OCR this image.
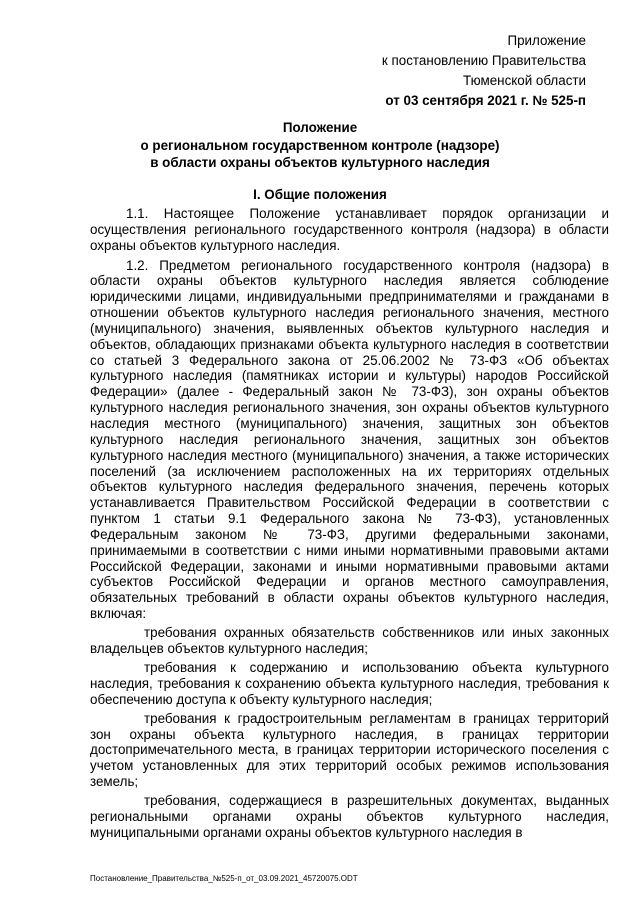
Приложение
к постановлению Правительства
Тюменской области
от 03 сентября 2021 г. № 525-п
Положение
о региональном государственном контроле (надзоре)
в области охраны объектов культурного наследия
I. Общие положения

1.1. Настоящее Положение устанавливает порядок организации и осуществления регионального государственного контроля (надзора) в области охраны объектов культурного наследия.

1.2. Предметом регионального государственного контроля (надзора) в области охраны объектов культурного наследия является соблюдение юридическими лицами, индивидуальными предпринимателями и гражданами в отношении объектов культурного наследия регионального значения, местного (муниципального) значения, выявленных объектов культурного наследия и объектов, обладающих признаками объекта культурного наследия в соответствии со статьей 3 Федерального закона от 25.06.2002 № 73-ФЗ «Об объектах культурного наследия (памятниках истории и культуры) народов Российской Федерации» (далее - Федеральный закон № 73-ФЗ), зон охраны объектов культурного наследия регионального значения, зон охраны объектов культурного наследия местного (муниципального) значения, защитных зон объектов культурного наследия регионального значения, защитных зон объектов культурного наследия местного (муниципального) значения, а также исторических поселений (за исключением расположенных на их территориях отдельных объектов культурного наследия федерального значения, перечень которых устанавливается Правительством Российской Федерации в соответствии с пунктом 1 статьи 9.1 Федерального закона № 73-ФЗ), установленных Федеральным законом № 73-ФЗ, другими федеральными законами, принимаемыми в соответствии с ними иными нормативными правовыми актами Российской Федерации, законами и иными нормативными правовыми актами субъектов Российской Федерации и органов местного самоуправления, обязательных требований в области охраны объектов культурного наследия, включая:

требования охранных обязательств собственников или иных законных владельцев объектов культурного наследия;

требования к содержанию и использованию объекта культурного наследия, требования к сохранению объекта культурного наследия, требования к обеспечению доступа к объекту культурного наследия;

требования к градостроительным регламентам в границах территорий зон охраны объекта культурного наследия, в границах территории достопримечательного места, в границах территории исторического поселения с учетом установленных для этих территорий особых режимов использования земель;

требования, содержащиеся в разрешительных документах, выданных региональными органами охраны объектов культурного наследия, муниципальными органами охраны объектов культурного наследия в

Постановление_Правительства_№525-п_от_03.09.2021_45720075.ODT
